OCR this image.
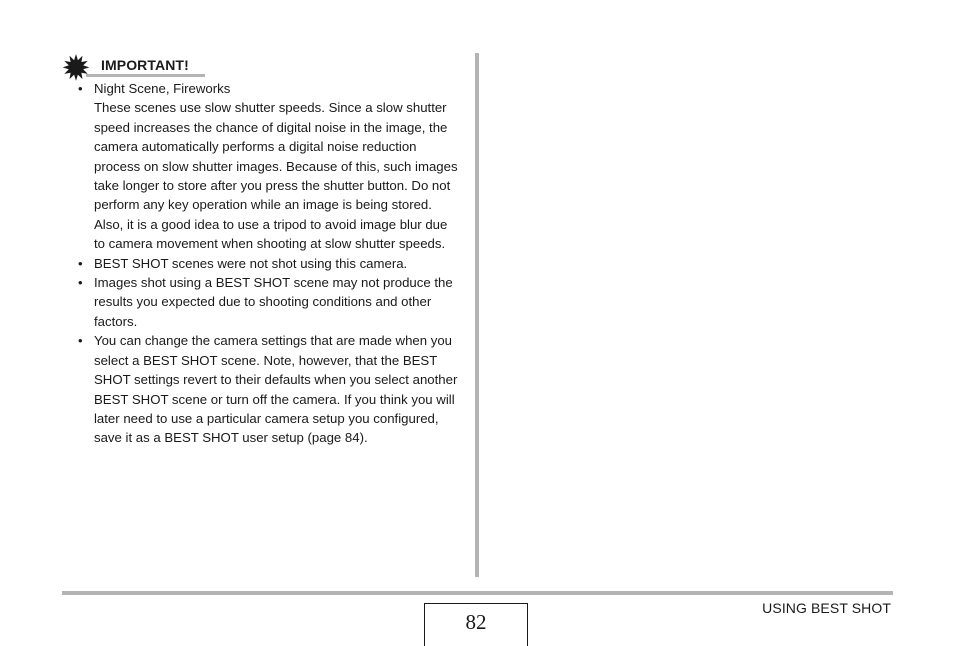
IMPORTANT!
• Night Scene, Fireworks
These scenes use slow shutter speeds. Since a slow shutter speed increases the chance of digital noise in the image, the camera automatically performs a digital noise reduction process on slow shutter images. Because of this, such images take longer to store after you press the shutter button. Do not perform any key operation while an image is being stored. Also, it is a good idea to use a tripod to avoid image blur due to camera movement when shooting at slow shutter speeds.
• BEST SHOT scenes were not shot using this camera.
• Images shot using a BEST SHOT scene may not produce the results you expected due to shooting conditions and other factors.
• You can change the camera settings that are made when you select a BEST SHOT scene. Note, however, that the BEST SHOT settings revert to their defaults when you select another BEST SHOT scene or turn off the camera. If you think you will later need to use a particular camera setup you configured, save it as a BEST SHOT user setup (page 84).
82
USING BEST SHOT
